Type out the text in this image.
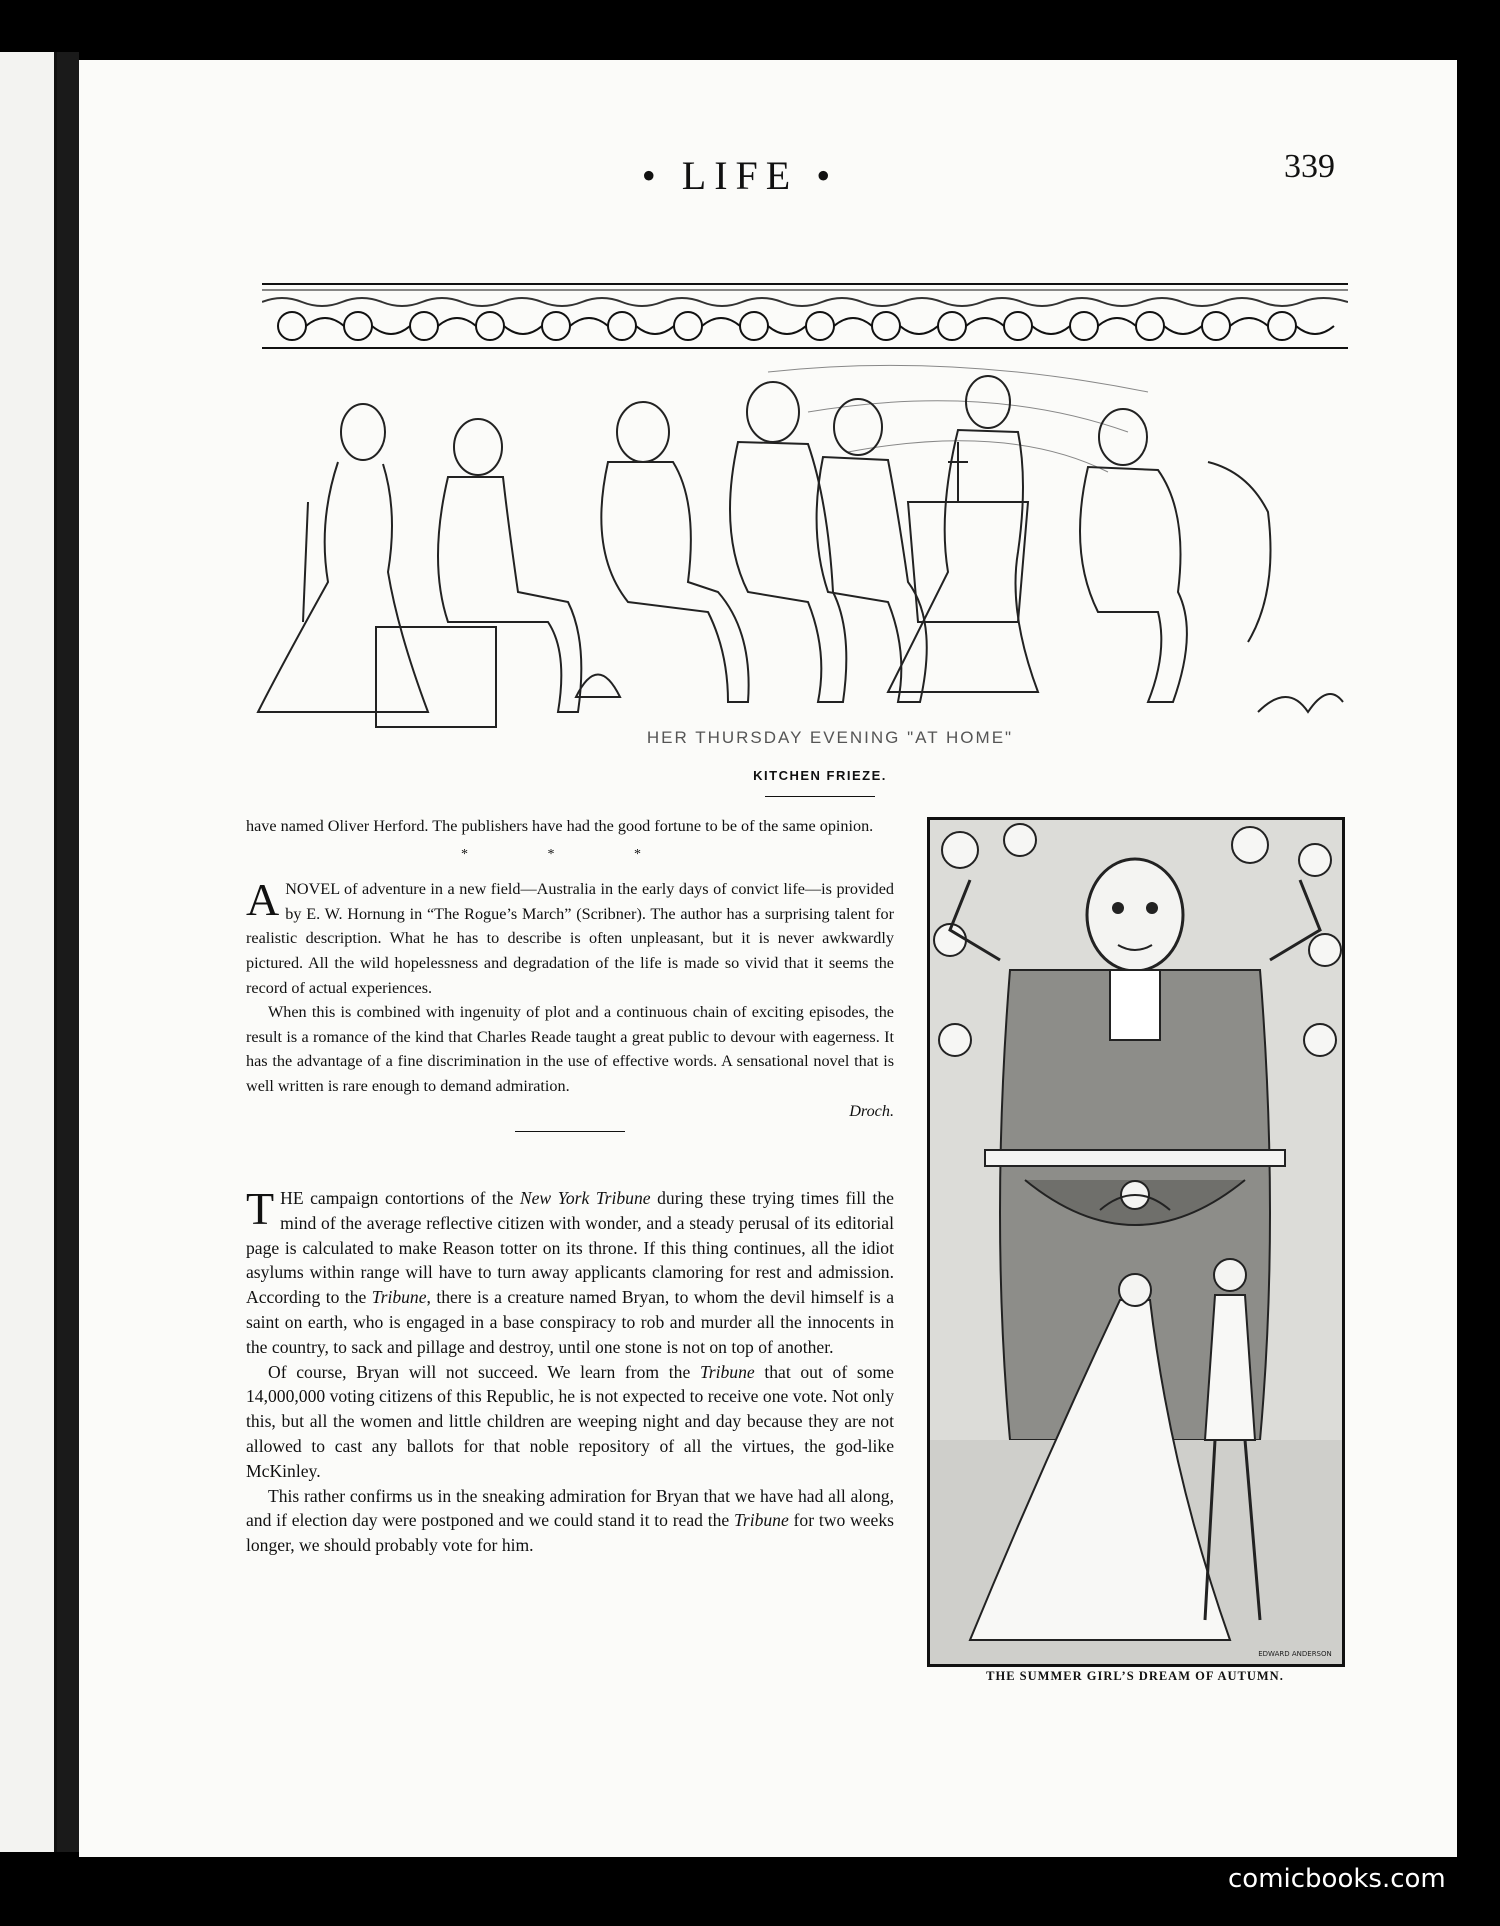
• LIFE •	339
HER THURSDAY EVENING "AT HOME"
KITCHEN FRIEZE.

have named Oliver Herford. The publishers have had the good fortune to be of the same opinion.

* * *

ANOVEL of adventure in a new field—Australia in the early days of convict life—is provided by E. W. Hornung in “The Rogue’s March” (Scribner). The author has a surprising talent for realistic description. What he has to describe is often unpleasant, but it is never awkwardly pictured. All the wild hopelessness and degradation of the life is made so vivid that it seems the record of actual experiences.

When this is combined with ingenuity of plot and a continuous chain of exciting episodes, the result is a romance of the kind that Charles Reade taught a great public to devour with eagerness. It has the advantage of a fine discrimination in the use of effective words. A sensational novel that is well written is rare enough to demand admiration.

Droch.

THE campaign contortions of the New York Tribune during these trying times fill the mind of the average reflective citizen with wonder, and a steady perusal of its editorial page is calculated to make Reason totter on its throne. If this thing continues, all the idiot asylums within range will have to turn away applicants clamoring for rest and admission. According to the Tribune, there is a creature named Bryan, to whom the devil himself is a saint on earth, who is engaged in a base conspiracy to rob and murder all the innocents in the country, to sack and pillage and destroy, until one stone is not on top of another.

Of course, Bryan will not succeed. We learn from the Tribune that out of some 14,000,000 voting citizens of this Republic, he is not expected to receive one vote. Not only this, but all the women and little children are weeping night and day because they are not allowed to cast any ballots for that noble repository of all the virtues, the god-like McKinley.

This rather confirms us in the sneaking admiration for Bryan that we have had all along, and if election day were postponed and we could stand it to read the Tribune for two weeks longer, we should probably vote for him.

EDWARD ANDERSON
THE SUMMER GIRL’S DREAM OF AUTUMN.
comicbooks.com
